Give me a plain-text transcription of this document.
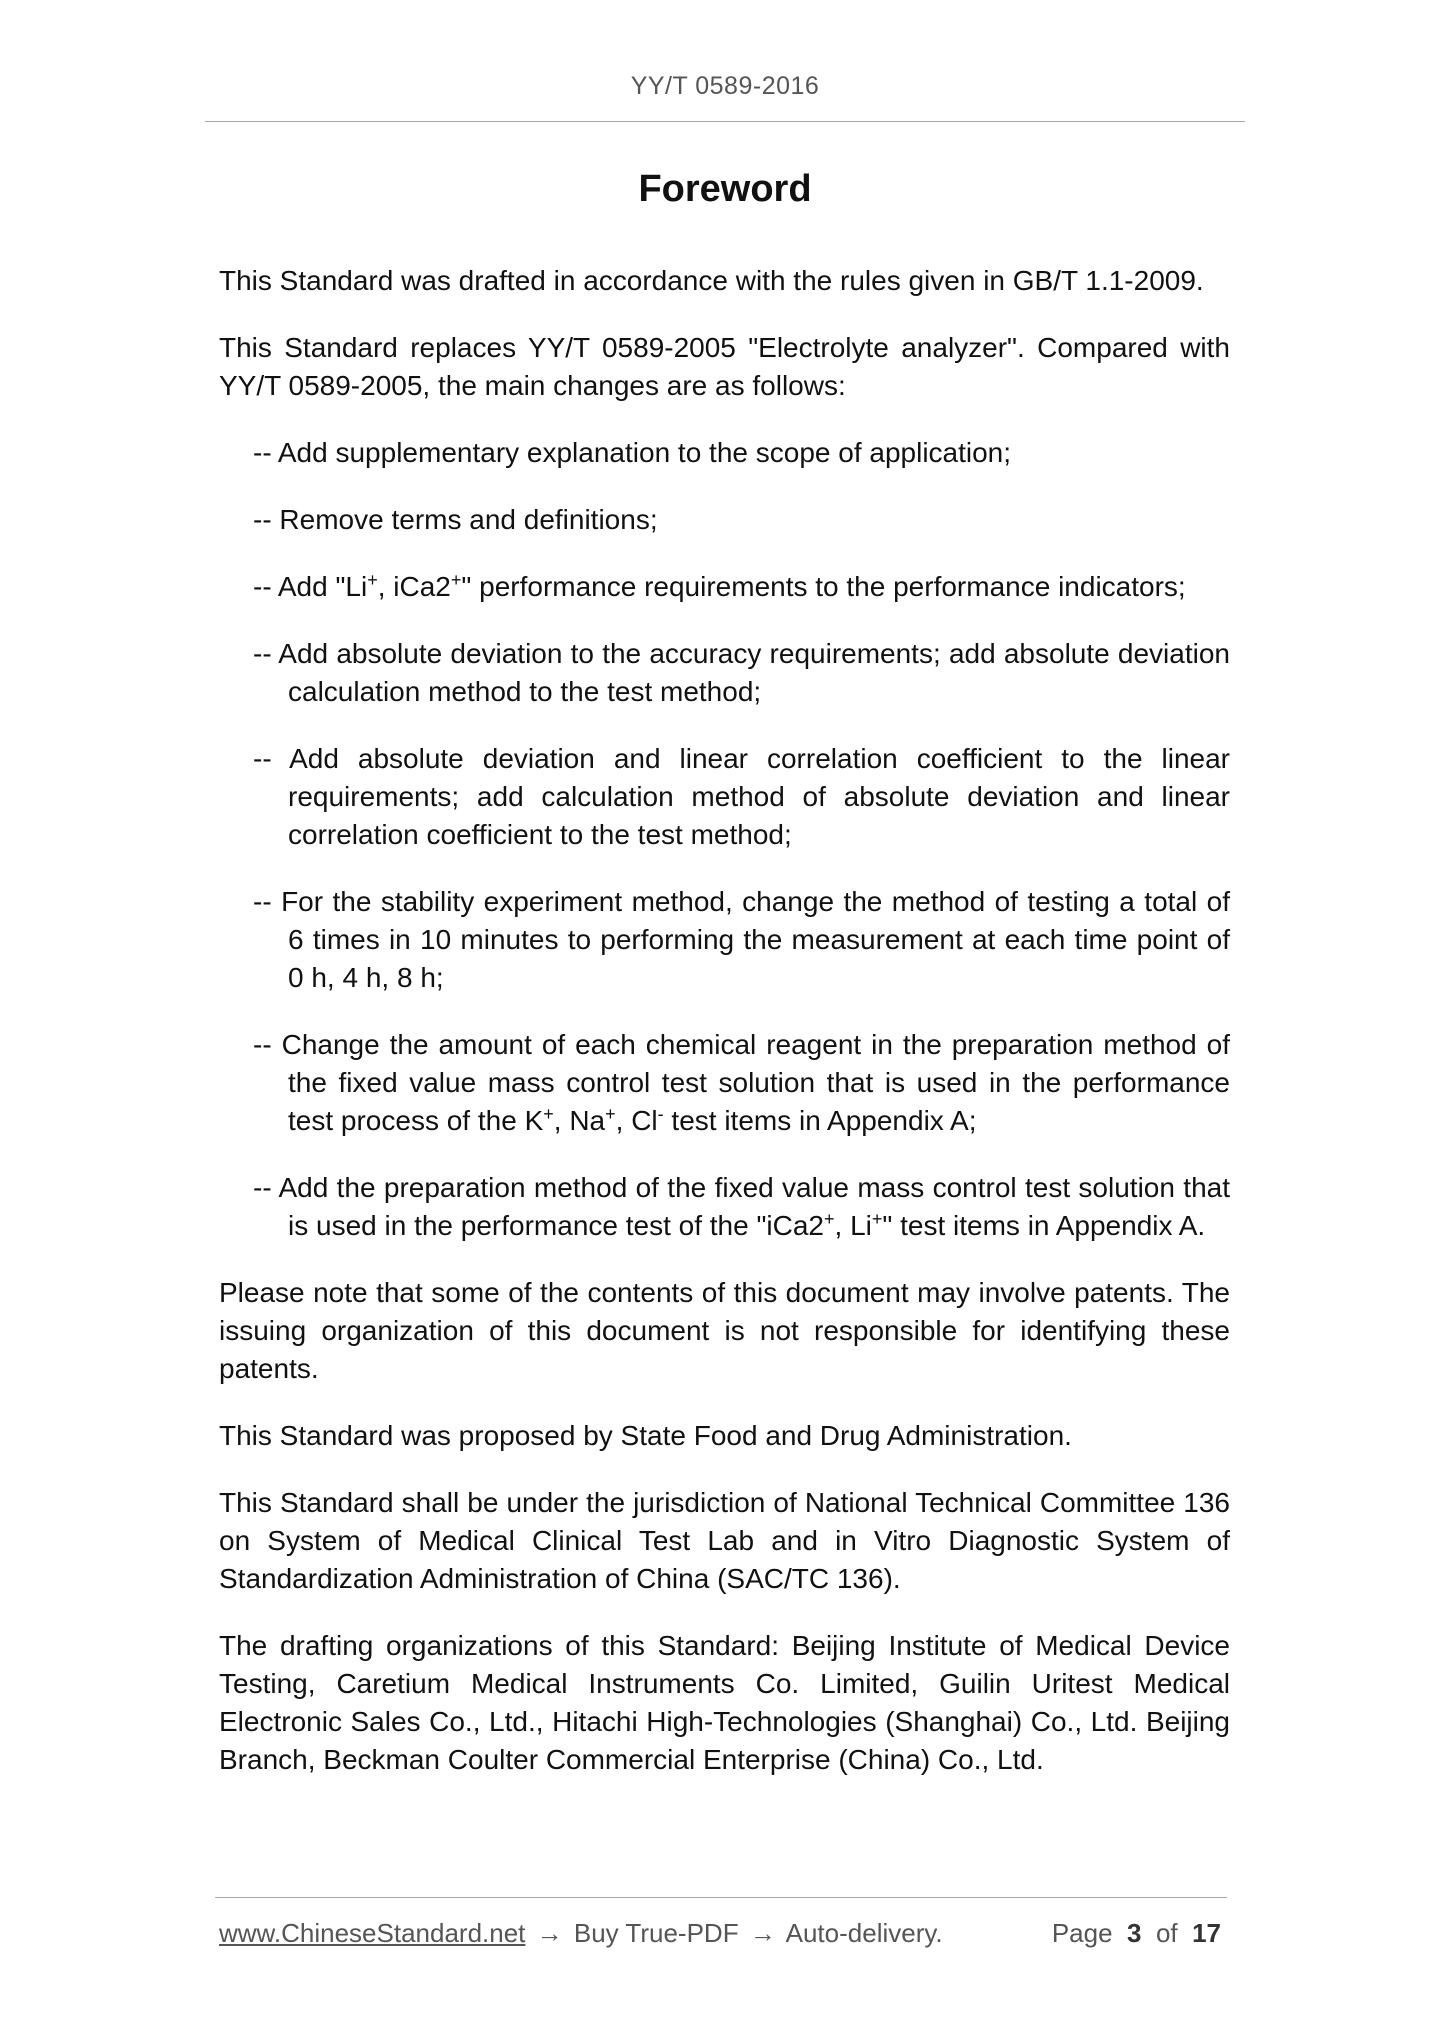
YY/T 0589-2016
Foreword

This Standard was drafted in accordance with the rules given in GB/T 1.1-2009.

This Standard replaces YY/T 0589-2005 "Electrolyte analyzer". Compared with YY/T 0589-2005, the main changes are as follows:

-- Add supplementary explanation to the scope of application;

-- Remove terms and definitions;

-- Add "Li+, iCa2+" performance requirements to the performance indicators;

-- Add absolute deviation to the accuracy requirements; add absolute deviation calculation method to the test method;

-- Add absolute deviation and linear correlation coefficient to the linear requirements; add calculation method of absolute deviation and linear correlation coefficient to the test method;

-- For the stability experiment method, change the method of testing a total of 6 times in 10 minutes to performing the measurement at each time point of 0 h, 4 h, 8 h;

-- Change the amount of each chemical reagent in the preparation method of the fixed value mass control test solution that is used in the performance test process of the K+, Na+, Cl- test items in Appendix A;

-- Add the preparation method of the fixed value mass control test solution that is used in the performance test of the "iCa2+, Li+" test items in Appendix A.

Please note that some of the contents of this document may involve patents. The issuing organization of this document is not responsible for identifying these patents.

This Standard was proposed by State Food and Drug Administration.

This Standard shall be under the jurisdiction of National Technical Committee 136 on System of Medical Clinical Test Lab and in Vitro Diagnostic System of Standardization Administration of China (SAC/TC 136).

The drafting organizations of this Standard: Beijing Institute of Medical Device Testing, Caretium Medical Instruments Co. Limited, Guilin Uritest Medical Electronic Sales Co., Ltd., Hitachi High-Technologies (Shanghai) Co., Ltd. Beijing Branch, Beckman Coulter Commercial Enterprise (China) Co., Ltd.

www.ChineseStandard.net → Buy True-PDF → Auto-delivery.	Page 3 of 17
